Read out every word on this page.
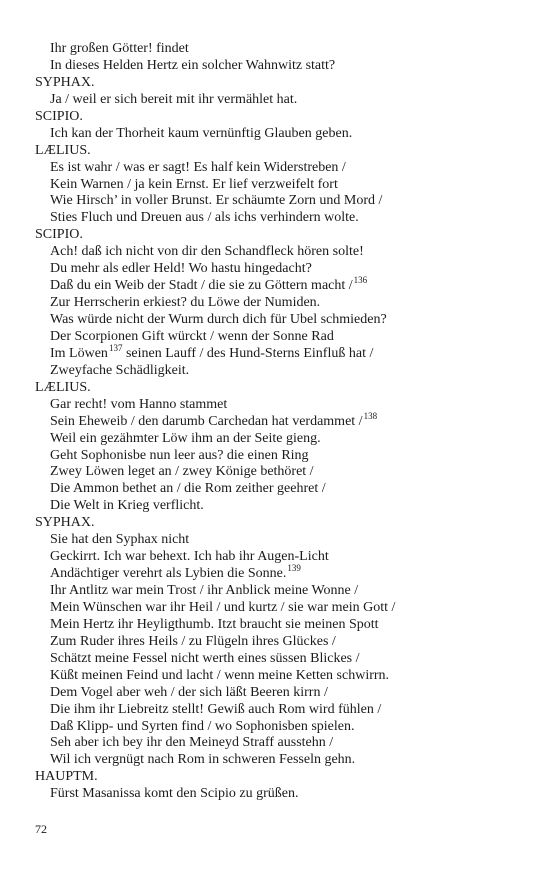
Ihr großen Götter! findet
In dieses Helden Hertz ein solcher Wahnwitz statt?
SYPHAX.
Ja / weil er sich bereit mit ihr vermählet hat.
SCIPIO.
Ich kan der Thorheit kaum vernünftig Glauben geben.
LÆLIUS.
Es ist wahr / was er sagt! Es half kein Widerstreben /
Kein Warnen / ja kein Ernst. Er lief verzweifelt fort
Wie Hirsch’ in voller Brunst. Er schäumte Zorn und Mord /
Sties Fluch und Dreuen aus / als ichs verhindern wolte.
SCIPIO.
Ach! daß ich nicht von dir den Schandfleck hören solte!
Du mehr als edler Held! Wo hastu hingedacht?
Daß du ein Weib der Stadt / die sie zu Göttern macht /$^{136}$
Zur Herrscherin erkiest? du Löwe der Numiden.
Was würde nicht der Wurm durch dich für Ubel schmieden?
Der Scorpionen Gift würckt / wenn der Sonne Rad
Im Löwen$^{137}$ seinen Lauff / des Hund-Sterns Einfluß hat /
Zweyfache Schädligkeit.
LÆLIUS.
Gar recht! vom Hanno stammet
Sein Eheweib / den darumb Carchedan hat verdammet /$^{138}$
Weil ein gezähmter Löw ihm an der Seite gieng.
Geht Sophonisbe nun leer aus? die einen Ring
Zwey Löwen leget an / zwey Könige bethöret /
Die Ammon bethet an / die Rom zeither geehret /
Die Welt in Krieg verflicht.
SYPHAX.
Sie hat den Syphax nicht
Geckirrt. Ich war behext. Ich hab ihr Augen-Licht
Andächtiger verehrt als Lybien die Sonne.$^{139}$
Ihr Antlitz war mein Trost / ihr Anblick meine Wonne /
Mein Wünschen war ihr Heil / und kurtz / sie war mein Gott /
Mein Hertz ihr Heyligthumb. Itzt braucht sie meinen Spott
Zum Ruder ihres Heils / zu Flügeln ihres Glückes /
Schätzt meine Fessel nicht werth eines süssen Blickes /
Küßt meinen Feind und lacht / wenn meine Ketten schwirrn.
Dem Vogel aber weh / der sich läßt Beeren kirrn /
Die ihm ihr Liebreitz stellt! Gewiß auch Rom wird fühlen /
Daß Klipp- und Syrten find / wo Sophonisben spielen.
Seh aber ich bey ihr den Meineyd Straff ausstehn /
Wil ich vergnügt nach Rom in schweren Fesseln gehn.
HAUPTM.
Fürst Masanissa komt den Scipio zu grüßen.
72
